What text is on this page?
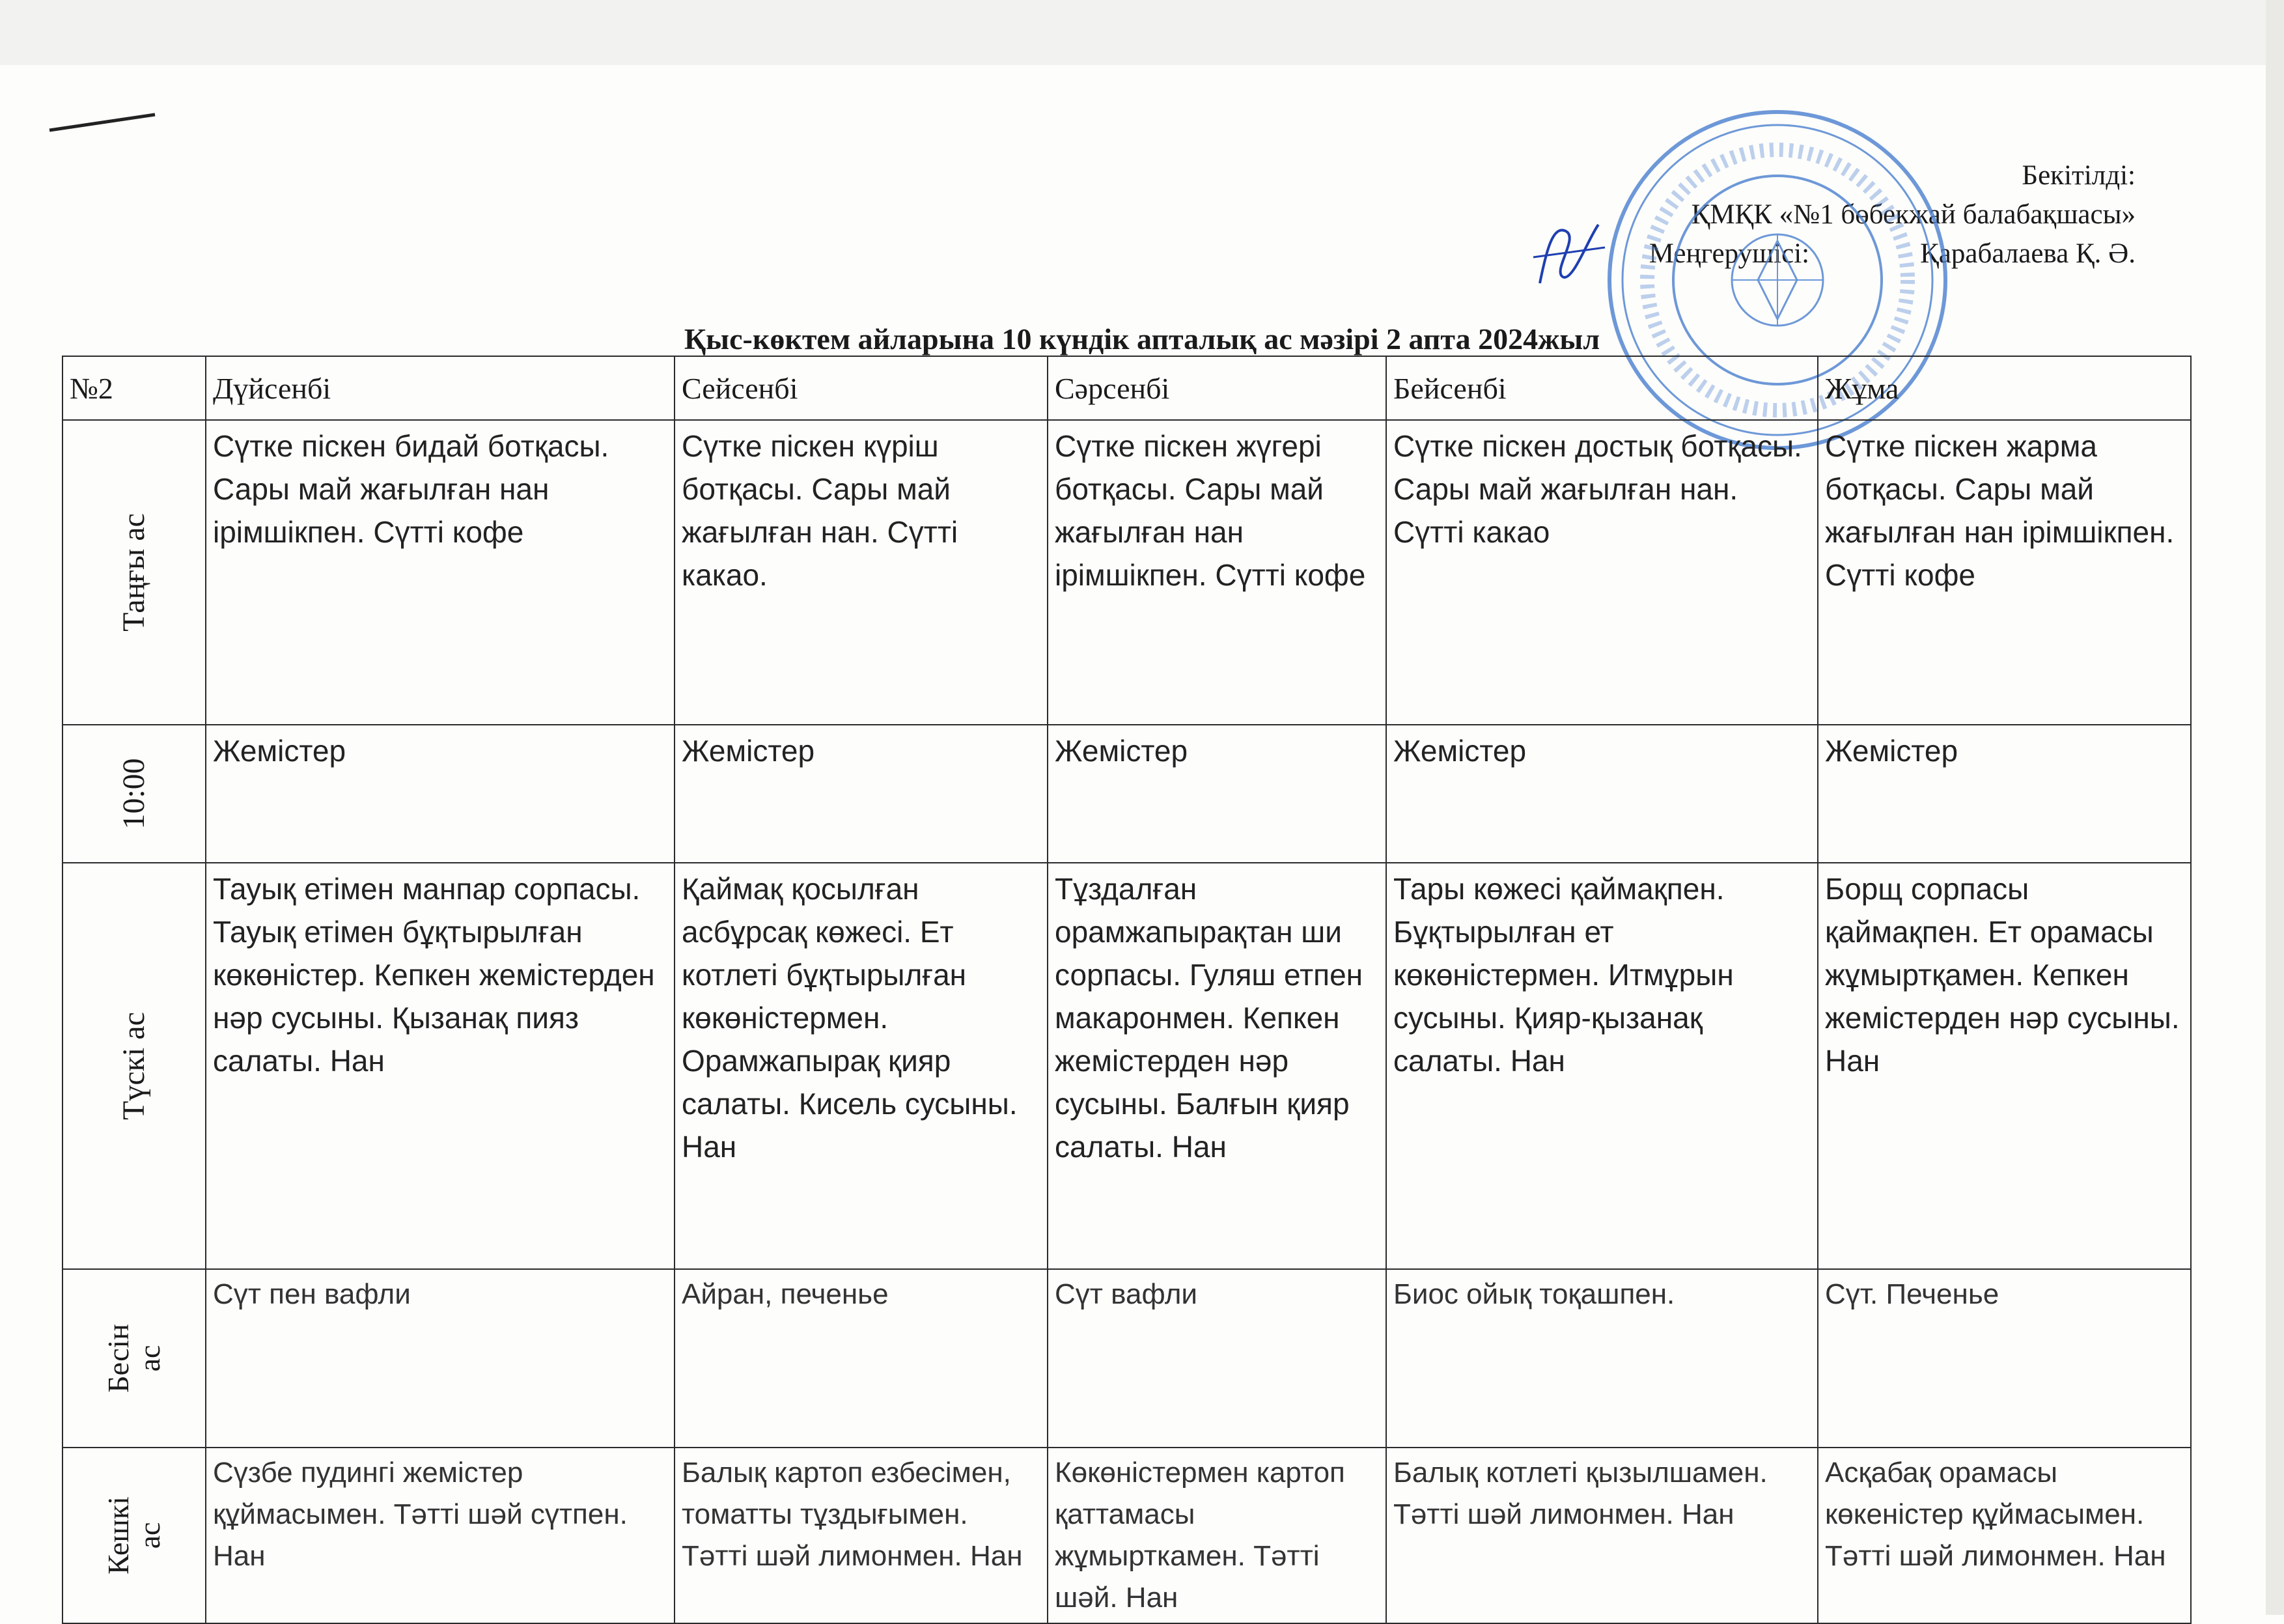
Бекітілді:
ҚМҚК «№1 бөбекжай балабақшасы»
Меңгерушісі:	Қарабалаева Қ. Ә.
Қыс-көктем айларына 10 күндік апталық ас мәзірі 2 апта 2024жыл
№2	Дүйсенбі	Сейсенбі	Сәрсенбі	Бейсенбі	Жұма

Таңғы ас	Сүтке піскен бидай ботқасы. Сары май жағылған нан ірімшікпен. Сүтті кофе	Сүтке піскен күріш ботқасы. Сары май жағылған нан. Сүтті какао.	Сүтке піскен жүгері ботқасы. Сары май жағылған нан ірімшікпен. Сүтті кофе	Сүтке піскен достық ботқасы. Сары май жағылған нан. Сүтті какао	Сүтке піскен жарма ботқасы. Сары май жағылған нан ірімшікпен. Сүтті кофе

10:00	Жемістер	Жемістер	Жемістер	Жемістер	Жемістер

Түскі ас	Тауық етімен манпар сорпасы. Тауық етімен бұқтырылған көкөністер. Кепкен жемістерден нәр сусыны. Қызанақ пияз салаты. Нан	Қаймақ қосылған асбұрсақ көжесі. Ет котлеті бұқтырылған көкөністермен. Орамжапырақ қияр салаты. Кисель сусыны. Нан	Тұздалған орамжапырақтан ши сорпасы. Гуляш етпен макаронмен. Кепкен жемістерден нәр сусыны. Балғын қияр салаты. Нан	Тары көжесі қаймақпен. Бұқтырылған ет көкөністермен. Итмұрын сусыны. Қияр-қызанақ салаты. Нан	Борщ сорпасы қаймақпен. Ет орамасы жұмыртқамен. Кепкен жемістерден нәр сусыны. Нан

Бесін
ас	Сүт пен вафли	Айран, печенье	Сүт вафли	Биос ойық тоқашпен.	Сүт. Печенье

Кешкі
ас	Сүзбе пудингі жемістер құймасымен. Тәтті шәй сүтпен. Нан	Балық картоп езбесімен, томатты тұздығымен. Тәтті шәй лимонмен. Нан	Көкөністермен картоп қаттамасы жұмырткамен. Тәтті шәй. Нан	Балық котлеті қызылшамен. Тәтті шәй лимонмен. Нан	Асқабақ орамасы көкеністер құймасымен. Тәтті шәй лимонмен. Нан
